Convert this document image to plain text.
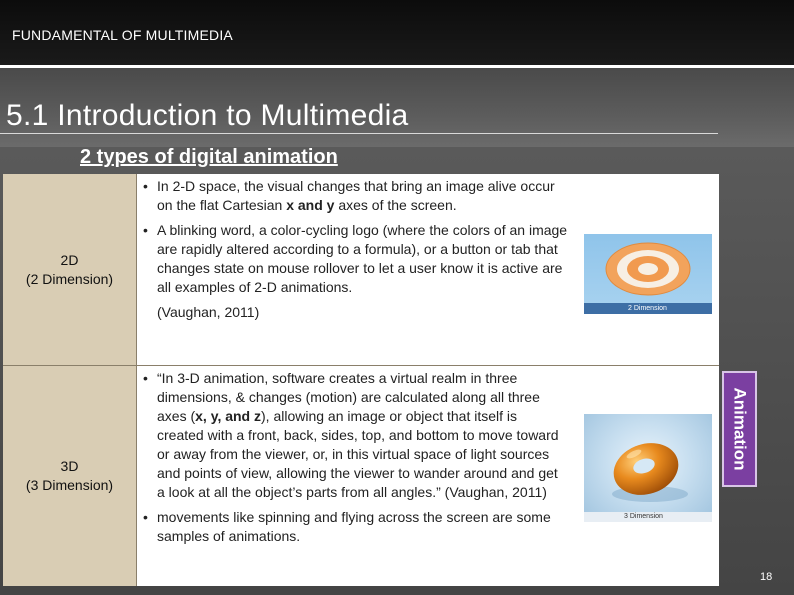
FUNDAMENTAL OF MULTIMEDIA
5.1 Introduction to Multimedia
2 types of digital animation
2D
(2 Dimension)
• In 2-D space, the visual changes that bring an image alive occur on the flat Cartesian x and y axes of the screen.
• A blinking word, a color-cycling logo (where the colors of an image are rapidly altered according to a formula), or a button or tab that changes state on mouse rollover to let a user know it is active are all examples of 2-D animations.
(Vaughan, 2011)	2 Dimension
3D
(3 Dimension)
• “In 3-D animation, software creates a virtual realm in three dimensions, & changes (motion) are calculated along all three axes (x, y, and z), allowing an image or object that itself is created with a front, back, sides, top, and bottom to move toward or away from the viewer, or, in this virtual space of light sources and points of view, allowing the viewer to wander around and get a look at all the object’s parts from all angles.” (Vaughan, 2011)
• movements like spinning and flying across the screen are some samples of animations.
3 Dimension
Animation
18
